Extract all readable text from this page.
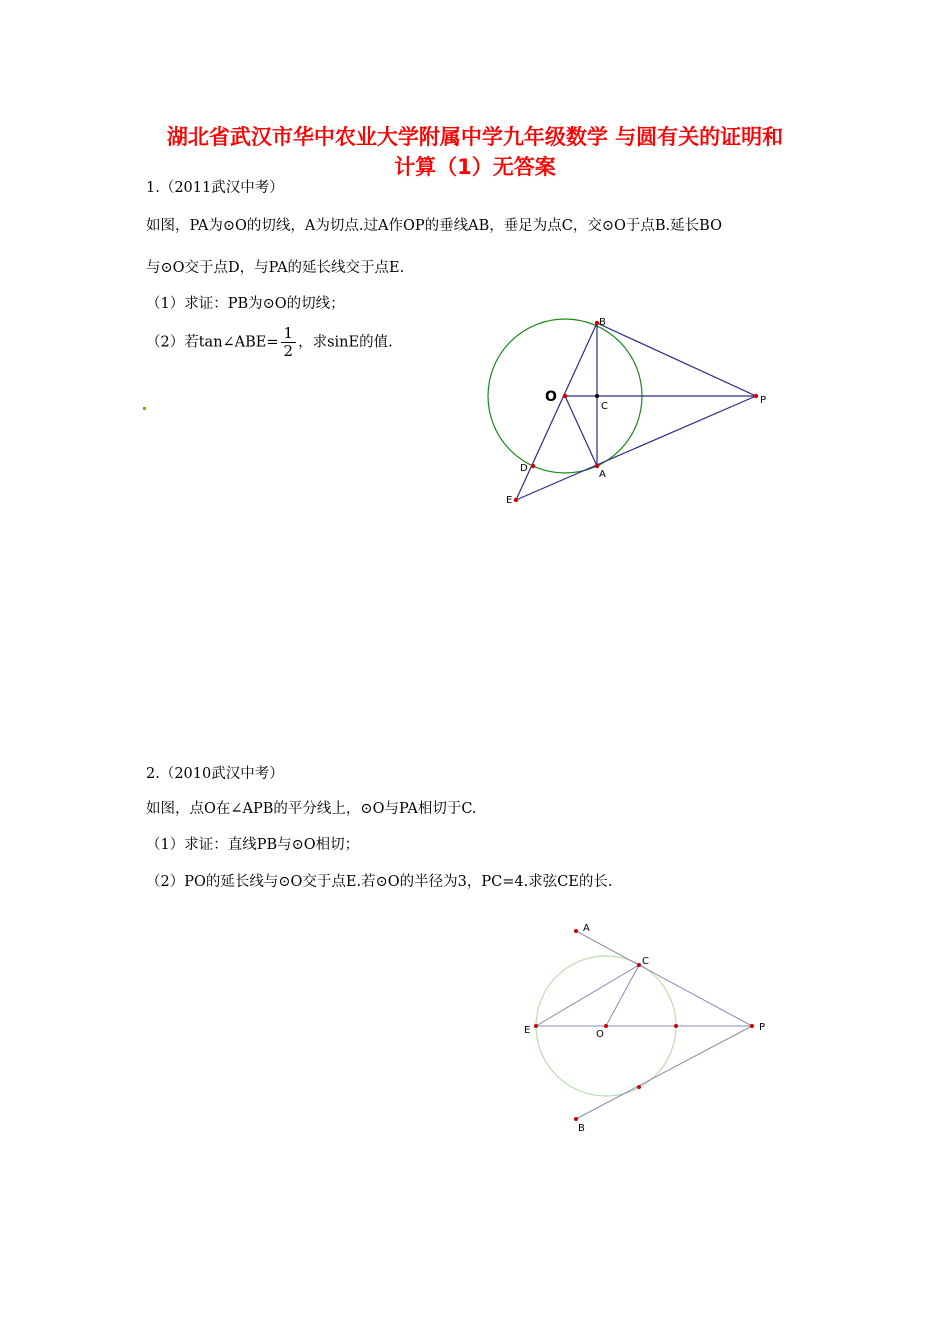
湖北省武汉市华中农业大学附属中学九年级数学 与圆有关的证明和
计算（1）无答案
1.（2011武汉中考）
如图，PA为⊙O的切线，A为切点.过A作OP的垂线AB，垂足为点C，交⊙O于点B.延长BO
与⊙O交于点D，与PA的延长线交于点E.
（1）求证：PB为⊙O的切线；
（2）若tan∠ABE= $\frac{1}{2}$ ，求sinE的值.
2.（2010武汉中考）
如图，点O在∠APB的平分线上，⊙O与PA相切于C.
（1）求证：直线PB与⊙O相切；
（2）PO的延长线与⊙O交于点E.若⊙O的半径为3，PC=4.求弦CE的长.
B
O
C
P
D
A
E
A
C
E	O
P
B
